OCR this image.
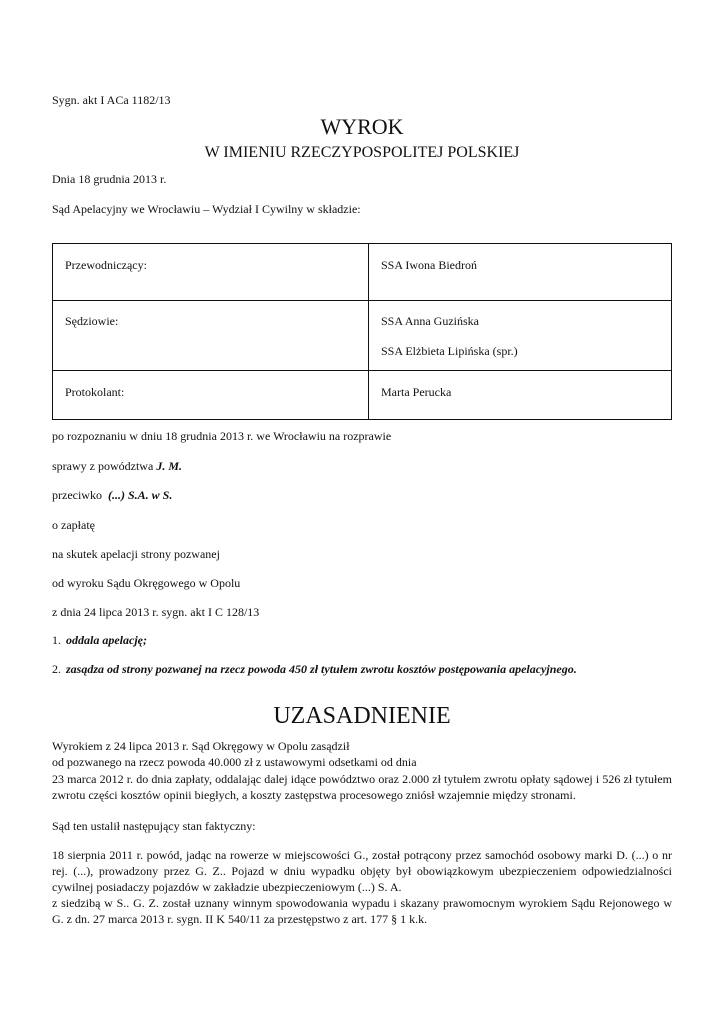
Sygn. akt I ACa 1182/13
WYROK
W IMIENIU RZECZYPOSPOLITEJ POLSKIEJ
Dnia 18 grudnia 2013 r.
Sąd Apelacyjny we Wrocławiu – Wydział I Cywilny w składzie:
Przewodniczący:	SSA Iwona Biedroń

Sędziowie:	SSA Anna Guzińska
SSA Elżbieta Lipińska (spr.)

Protokolant:	Marta Perucka
po rozpoznaniu w dniu 18 grudnia 2013 r. we Wrocławiu na rozprawie
sprawy z powództwa J. M.
przeciwko  (...) S.A. w S.
o zapłatę
na skutek apelacji strony pozwanej
od wyroku Sądu Okręgowego w Opolu
z dnia 24 lipca 2013 r. sygn. akt I C 128/13
1. oddala apelację;
2. zasądza od strony pozwanej na rzecz powoda 450 zł tytułem zwrotu kosztów postępowania apelacyjnego.
UZASADNIENIE
Wyrokiem z 24 lipca 2013 r. Sąd Okręgowy w Opolu zasądził
od pozwanego na rzecz powoda 40.000 zł z ustawowymi odsetkami od dnia
23 marca 2012 r. do dnia zapłaty, oddalając dalej idące powództwo oraz 2.000 zł tytułem zwrotu opłaty sądowej i 526 zł tytułem zwrotu części kosztów opinii biegłych, a koszty zastępstwa procesowego zniósł wzajemnie między stronami.
Sąd ten ustalił następujący stan faktyczny:
18 sierpnia 2011 r. powód, jadąc na rowerze w miejscowości G., został potrącony przez samochód osobowy marki D. (...) o nr rej. (...), prowadzony przez G. Z.. Pojazd w dniu wypadku objęty był obowiązkowym ubezpieczeniem odpowiedzialności cywilnej posiadaczy pojazdów w zakładzie ubezpieczeniowym (...) S. A.
z siedzibą w S.. G. Z. został uznany winnym spowodowania wypadu i skazany prawomocnym wyrokiem Sądu Rejonowego w G. z dn. 27 marca 2013 r. sygn. II K 540/11 za przestępstwo z art. 177 § 1 k.k.
